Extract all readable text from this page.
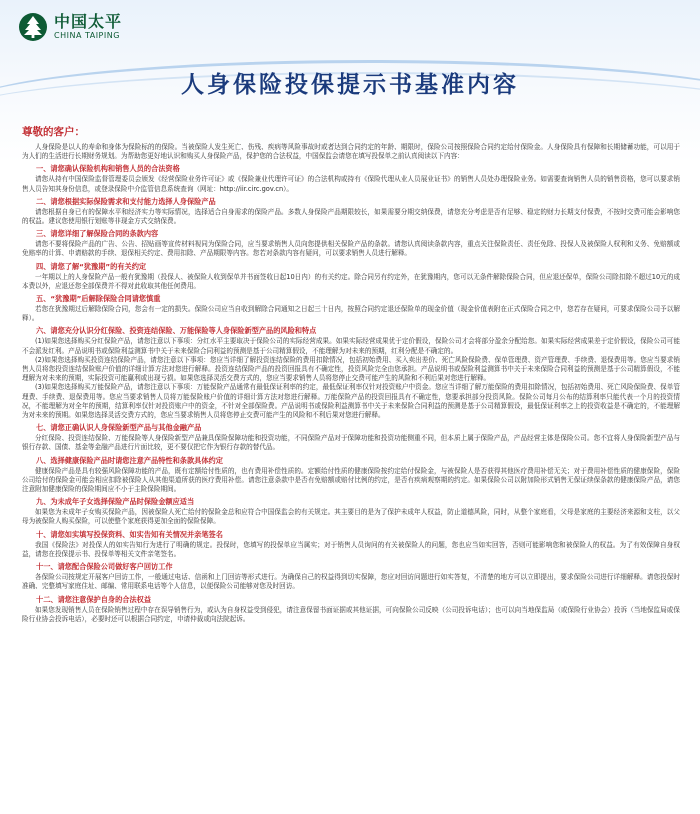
中国太平
CHINA TAIPING
人身保险投保提示书基准内容
尊敬的客户：

人身保险是以人的寿命和身体为保险标的的保险。当被保险人发生死亡、伤残、疾病等风险事故时或者达到合同约定的年龄、期限时，保险公司按照保险合同约定给付保险金。人身保险具有保障和长期储蓄功能，可以用于为人们的生活进行长期财务规划。为帮助您更好地认识和购买人身保险产品，保护您的合法权益，中国保监会请您在填写投保单之前认真阅读以下内容：

一、请您确认保险机构和销售人员的合法资格

请您从持有中国保险监督管理委员会颁发《经营保险业务许可证》或《保险兼业代理许可证》的合法机构或持有《保险代理从业人员展业证书》的销售人员处办理保险业务。如需要查询销售人员的销售资格，您可以要求销售人员告知其身份信息，或登录保险中介监管信息系统查询（网址：http://iir.circ.gov.cn）。

二、请您根据实际保险需求和支付能力选择人身保险产品

请您根据自身已有的保障水平和经济实力等实际情况，选择适合自身需求的保险产品。多数人身保险产品期限较长，如果需要分期交纳保费，请您充分考虑是否有足够、稳定的财力长期支付保费，不按时交费可能会影响您的权益。建议您使用银行划账等非现金方式交纳保费。

三、请您详细了解保险合同的条款内容

请您不要将保险产品的广告、公告、招贴画等宣传材料视同为保险合同，应当要求销售人员向您提供相关保险产品的条款。请您认真阅读条款内容，重点关注保险责任、责任免除、投保人及被保险人权利和义务、免赔额或免赔率的计算、申请赔款的手续、退保相关约定、费用扣除、产品期限等内容。您若对条款内容有疑问，可以要求销售人员进行解释。

四、请您了解“犹豫期”的有关约定

一年期以上的人身保险产品一般有犹豫期（投保人、被保险人收到保单并书面签收日起10日内）的有关约定。除合同另有约定外，在犹豫期内，您可以无条件解除保险合同，但应退还保单，保险公司除扣除不超过10元的成本费以外，应退还您全部保费并不得对此收取其他任何费用。

五、“犹豫期”后解除保险合同请您慎重

若您在犹豫期过后解除保险合同，您会有一定的损失。保险公司应当自收到解除合同通知之日起三十日内，按照合同约定退还保险单的现金价值（现金价值表附在正式保险合同之中，您若存在疑问，可要求保险公司予以解释）。

六、请您充分认识分红保险、投资连结保险、万能保险等人身保险新型产品的风险和特点

(1)如果您选择购买分红保险产品，请您注意以下事项：分红水平主要取决于保险公司的实际经营成果。如果实际经营成果优于定价假设，保险公司才会将部分盈余分配给您。如果实际经营成果差于定价假设，保险公司可能不会派发红利。产品说明书或保险利益测算书中关于未来保险合同利益的预测是基于公司精算假设，不能理解为对未来的预期，红利分配是不确定的。

(2)如果您选择购买投资连结保险产品，请您注意以下事项：您应当详细了解投资连结保险的费用扣除情况，包括初始费用、买入卖出差价、死亡风险保险费、保单管理费、资产管理费、手续费、退保费用等。您应当要求销售人员将您投资连结保险账户价值的详细计算方法对您进行解释。投资连结保险产品的投资回报具有不确定性，投资风险完全由您承担。产品说明书或保险利益测算书中关于未来保险合同利益的预测是基于公司精算假设，不能理解为对未来的预期，实际投资可能赢利或出现亏损。如果您选择灵活交费方式的，您应当要求销售人员将您停止交费可能产生的风险和不利后果对您进行解释。

(3)如果您选择购买万能保险产品，请您注意以下事项：万能保险产品通常有最低保证利率的约定，最低保证利率仅针对投资账户中资金。您应当详细了解万能保险的费用扣除情况，包括初始费用、死亡风险保险费、保单管理费、手续费、退保费用等。您应当要求销售人员将万能保险账户价值的详细计算方法对您进行解释。万能保险产品的投资回报具有不确定性，您要承担部分投资风险。保险公司每月公布的结算利率只能代表一个月的投资情况，不能理解为对全年的预期，结算利率仅针对投资账户中的资金，不针对全部保险费。产品说明书或保险利益测算书中关于未来保险合同利益的预测是基于公司精算假设，最低保证利率之上的投资收益是不确定的，不能理解为对未来的预期。如果您选择灵活交费方式的，您应当要求销售人员将您停止交费可能产生的风险和不利后果对您进行解释。

七、请您正确认识人身保险新型产品与其他金融产品

分红保险、投资连结保险、万能保险等人身保险新型产品兼具保险保障功能和投资功能，不同保险产品对于保障功能和投资功能侧重不同，但本质上属于保险产品，产品经营主体是保险公司。您不宜将人身保险新型产品与银行存款、国债、基金等金融产品进行片面比较，更不要仅把它作为银行存款的替代品。

八、选择健康保险产品时请您注意产品特性和条款具体约定

健康保险产品是具有较强风险保障功能的产品，既有定额给付性质的，也有费用补偿性质的。定额给付性质的健康保险按约定给付保险金，与被保险人是否获得其他医疗费用补偿无关；对于费用补偿性质的健康保险，保险公司给付的保险金可能会相应扣除被保险人从其他渠道所获的医疗费用补偿。请您注意条款中是否有免赔额或赔付比例的约定，是否有疾病观察期的约定。如果保险公司以附加险形式销售无保证续保条款的健康保险产品，请您注意附加健康保险的保险期间应不小于主险保险期间。

九、为未成年子女选择保险产品时保险金额应适当

如果您为未成年子女购买保险产品，因被保险人死亡给付的保险金总和应符合中国保监会的有关规定。其主要目的是为了保护未成年人权益，防止道德风险，同时，从整个家庭看，父母是家庭的主要经济来源和支柱，以父母为被保险人购买保险，可以使整个家庭获得更加全面的保险保障。

十、请您如实填写投保资料、如实告知有关情况并亲笔签名

我国《保险法》对投保人的如实告知行为进行了明确的规定。投保时，您填写的投保单应当属实；对于销售人员询问的有关被保险人的问题，您也应当如实回答，否则可能影响您和被保险人的权益。为了有效保障自身权益，请您在投保提示书、投保单等相关文件亲笔签名。

十一、请您配合保险公司做好客户回访工作

各保险公司按规定开展客户回访工作，一般通过电话、信函和上门回访等形式进行。为确保自己的权益得到切实保障，您应对回访问题进行如实答复，不清楚的地方可以立即提出，要求保险公司进行详细解释。请您投保时准确、完整填写家庭住址、邮编、常用联系电话等个人信息，以便保险公司能够对您及时回访。

十二、请您注意保护自身的合法权益

如果您发现销售人员在保险销售过程中存在误导销售行为，或认为自身权益受到侵犯，请注意保留书面证据或其他证据，可向保险公司反映（公司投诉电话）；也可以向当地保监局（或保险行业协会）投诉（当地保监局或保险行业协会投诉电话），必要时还可以根据合同约定，申请仲裁或向法院起诉。
